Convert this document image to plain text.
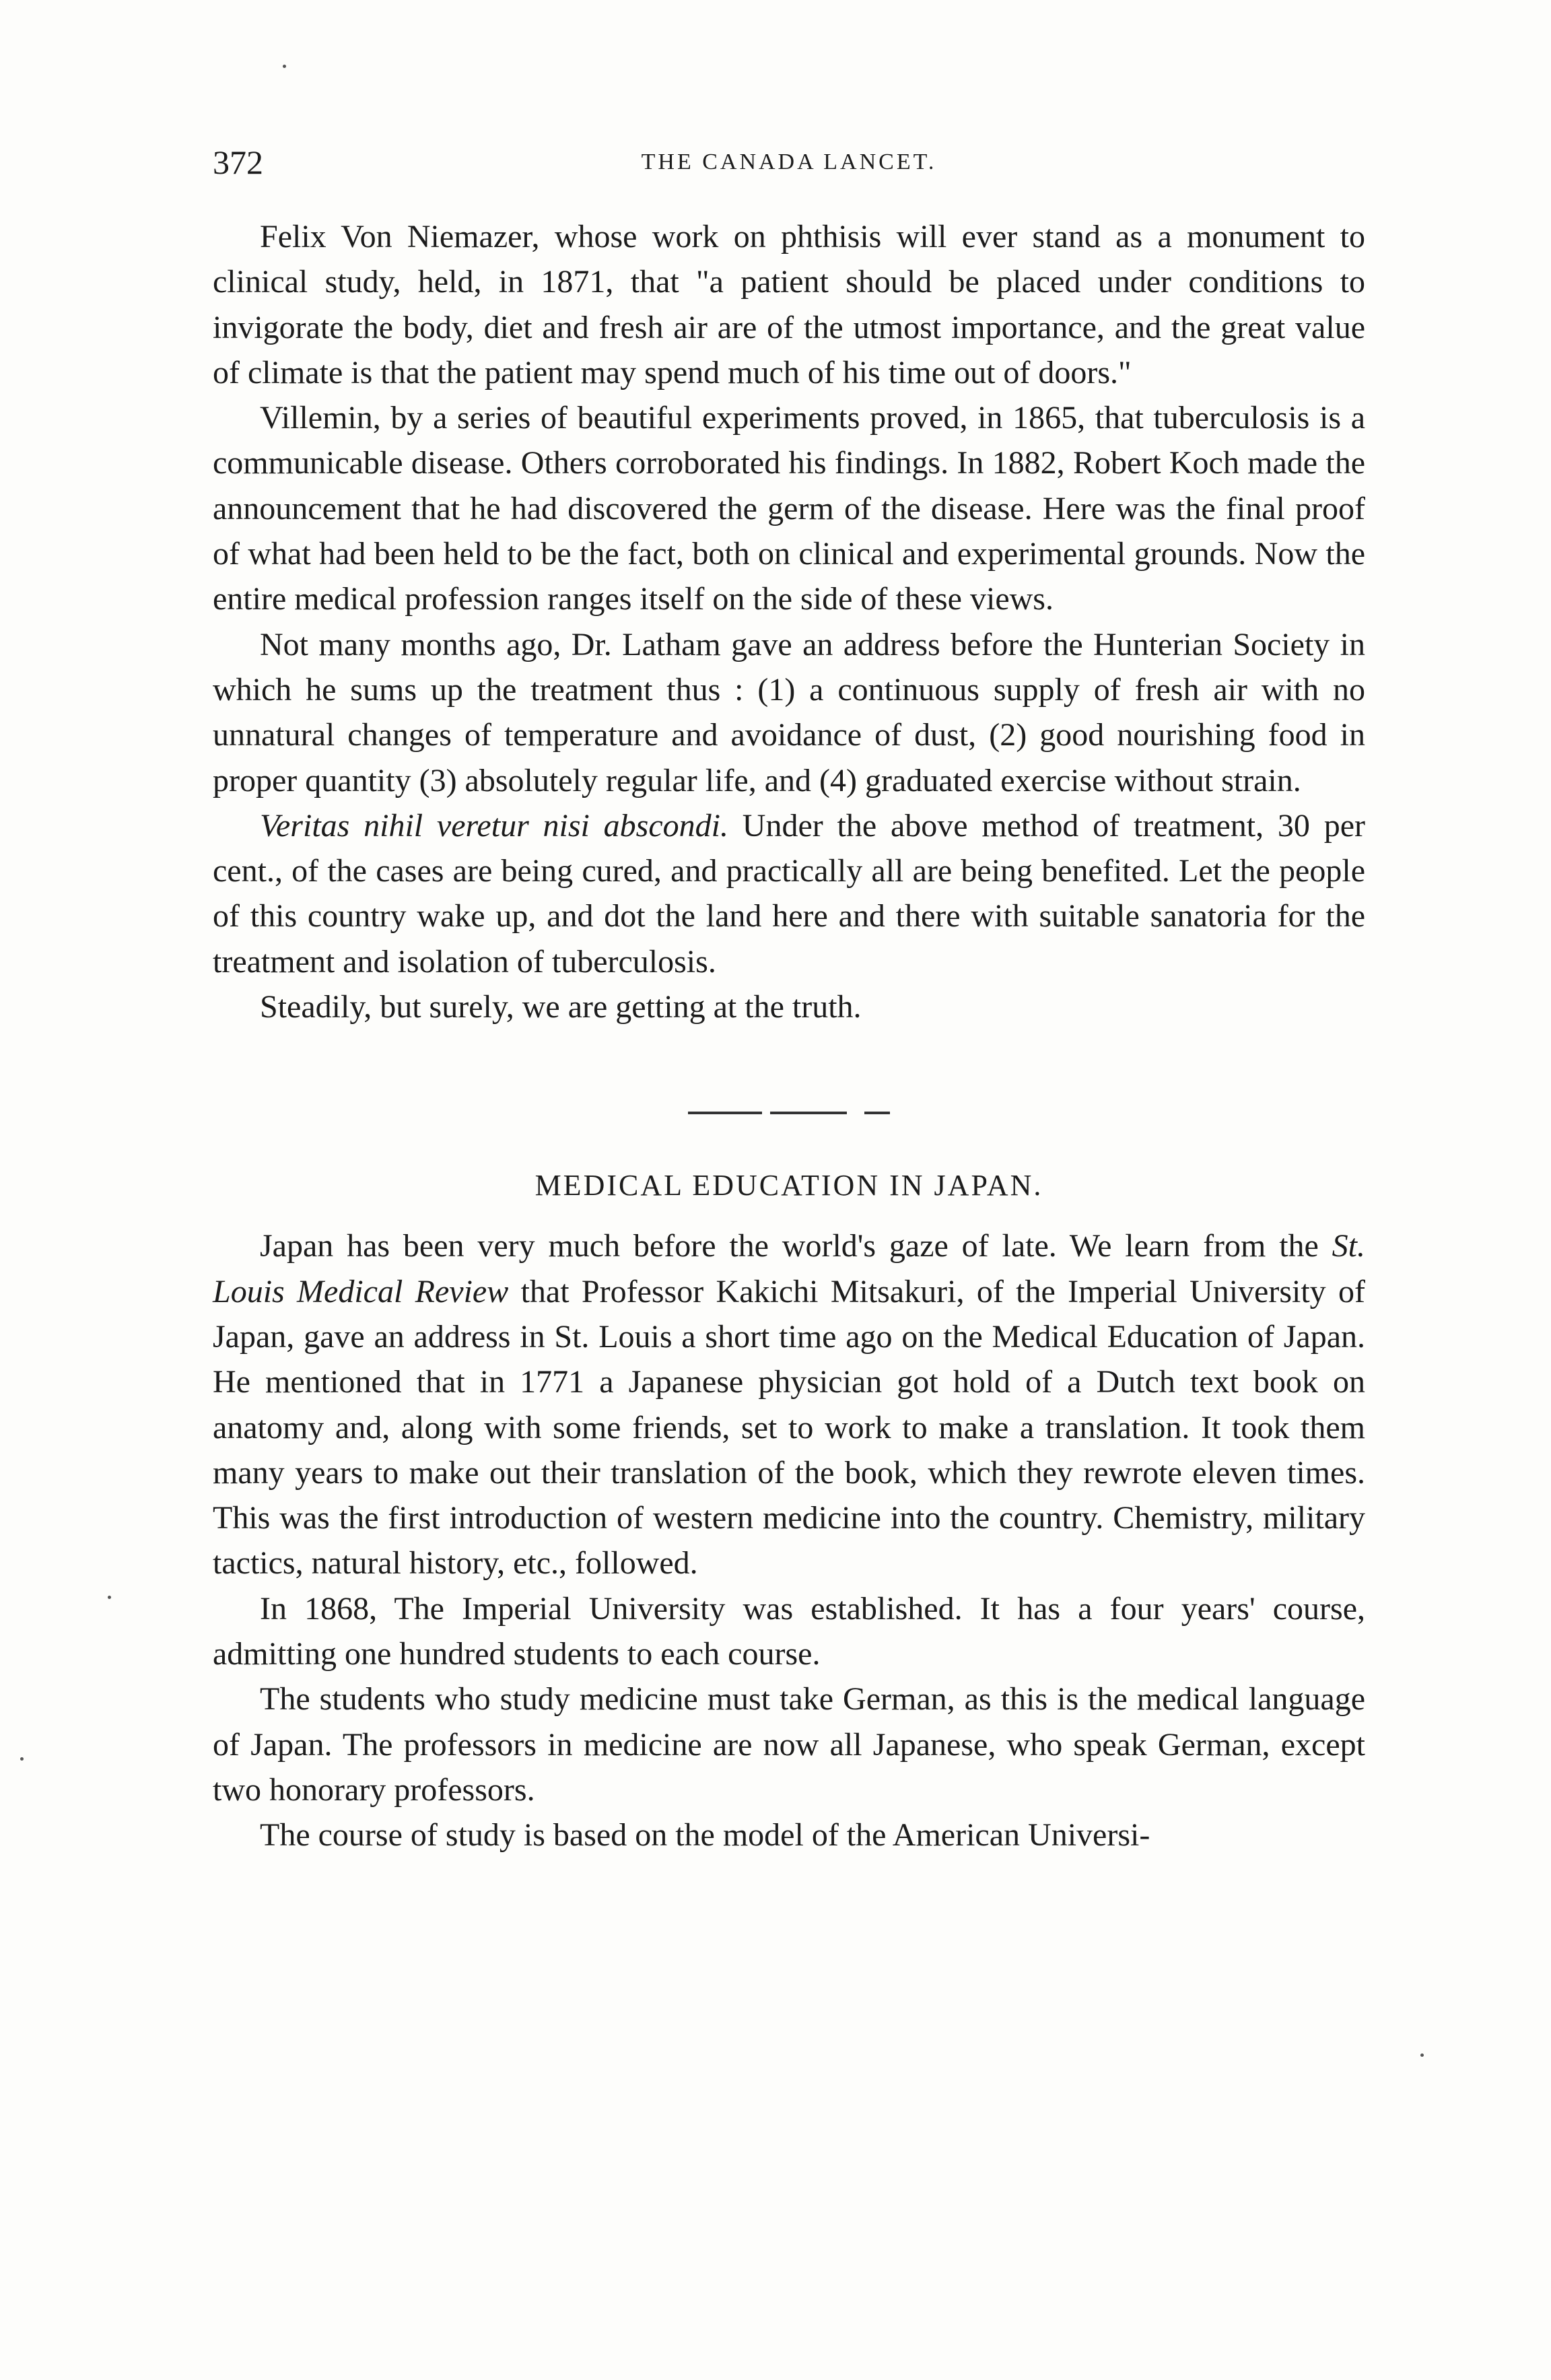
372	THE CANADA LANCET.

Felix Von Niemazer, whose work on phthisis will ever stand as a monument to clinical study, held, in 1871, that "a patient should be placed under conditions to invigorate the body, diet and fresh air are of the utmost importance, and the great value of climate is that the patient may spend much of his time out of doors."

Villemin, by a series of beautiful experiments proved, in 1865, that tuberculosis is a communicable disease. Others corroborated his findings. In 1882, Robert Koch made the announcement that he had discovered the germ of the disease. Here was the final proof of what had been held to be the fact, both on clinical and experimental grounds. Now the entire medical profession ranges itself on the side of these views.

Not many months ago, Dr. Latham gave an address before the Hunterian Society in which he sums up the treatment thus : (1) a continuous supply of fresh air with no unnatural changes of temperature and avoidance of dust, (2) good nourishing food in proper quantity (3) absolutely regular life, and (4) graduated exercise without strain.

Veritas nihil veretur nisi abscondi. Under the above method of treatment, 30 per cent., of the cases are being cured, and practically all are being benefited. Let the people of this country wake up, and dot the land here and there with suitable sanatoria for the treatment and isolation of tuberculosis.

Steadily, but surely, we are getting at the truth.

MEDICAL EDUCATION IN JAPAN.

Japan has been very much before the world's gaze of late. We learn from the St. Louis Medical Review that Professor Kakichi Mitsakuri, of the Imperial University of Japan, gave an address in St. Louis a short time ago on the Medical Education of Japan. He mentioned that in 1771 a Japanese physician got hold of a Dutch text book on anatomy and, along with some friends, set to work to make a translation. It took them many years to make out their translation of the book, which they rewrote eleven times. This was the first introduction of western medicine into the country. Chemistry, military tactics, natural history, etc., followed.

In 1868, The Imperial University was established. It has a four years' course, admitting one hundred students to each course.

The students who study medicine must take German, as this is the medical language of Japan. The professors in medicine are now all Japanese, who speak German, except two honorary professors.

The course of study is based on the model of the American Universi-
